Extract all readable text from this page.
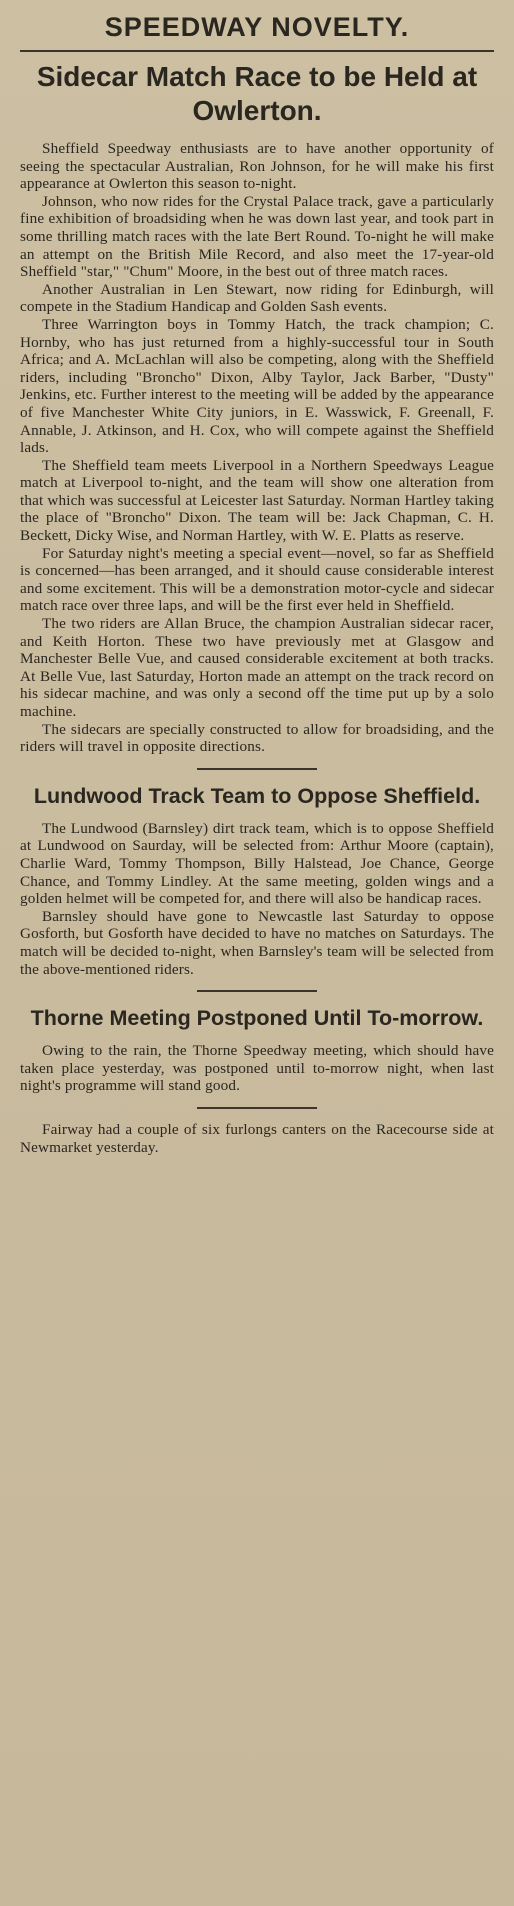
SPEEDWAY NOVELTY.
Sidecar Match Race to be Held at Owlerton.

Sheffield Speedway enthusiasts are to have another opportunity of seeing the spectacular Australian, Ron Johnson, for he will make his first appearance at Owlerton this season to-night.

Johnson, who now rides for the Crystal Palace track, gave a particularly fine exhibition of broadsiding when he was down last year, and took part in some thrilling match races with the late Bert Round. To-night he will make an attempt on the British Mile Record, and also meet the 17-year-old Sheffield "star," "Chum" Moore, in the best out of three match races.

Another Australian in Len Stewart, now riding for Edinburgh, will compete in the Stadium Handicap and Golden Sash events.

Three Warrington boys in Tommy Hatch, the track champion; C. Hornby, who has just returned from a highly-successful tour in South Africa; and A. McLachlan will also be competing, along with the Sheffield riders, including "Broncho" Dixon, Alby Taylor, Jack Barber, "Dusty" Jenkins, etc. Further interest to the meeting will be added by the appearance of five Manchester White City juniors, in E. Wasswick, F. Greenall, F. Annable, J. Atkinson, and H. Cox, who will compete against the Sheffield lads.

The Sheffield team meets Liverpool in a Northern Speedways League match at Liverpool to-night, and the team will show one alteration from that which was successful at Leicester last Saturday. Norman Hartley taking the place of "Broncho" Dixon. The team will be: Jack Chapman, C. H. Beckett, Dicky Wise, and Norman Hartley, with W. E. Platts as reserve.

For Saturday night's meeting a special event—novel, so far as Sheffield is concerned—has been arranged, and it should cause considerable interest and some excitement. This will be a demonstration motor-cycle and sidecar match race over three laps, and will be the first ever held in Sheffield.

The two riders are Allan Bruce, the champion Australian sidecar racer, and Keith Horton. These two have previously met at Glasgow and Manchester Belle Vue, and caused considerable excitement at both tracks. At Belle Vue, last Saturday, Horton made an attempt on the track record on his sidecar machine, and was only a second off the time put up by a solo machine.

The sidecars are specially constructed to allow for broadsiding, and the riders will travel in opposite directions.

Lundwood Track Team to Oppose Sheffield.

The Lundwood (Barnsley) dirt track team, which is to oppose Sheffield at Lundwood on Saurday, will be selected from: Arthur Moore (captain), Charlie Ward, Tommy Thompson, Billy Halstead, Joe Chance, George Chance, and Tommy Lindley. At the same meeting, golden wings and a golden helmet will be competed for, and there will also be handicap races.

Barnsley should have gone to Newcastle last Saturday to oppose Gosforth, but Gosforth have decided to have no matches on Saturdays. The match will be decided to-night, when Barnsley's team will be selected from the above-mentioned riders.

Thorne Meeting Postponed Until To-morrow.

Owing to the rain, the Thorne Speedway meeting, which should have taken place yesterday, was postponed until to-morrow night, when last night's programme will stand good.

Fairway had a couple of six furlongs canters on the Racecourse side at Newmarket yesterday.
